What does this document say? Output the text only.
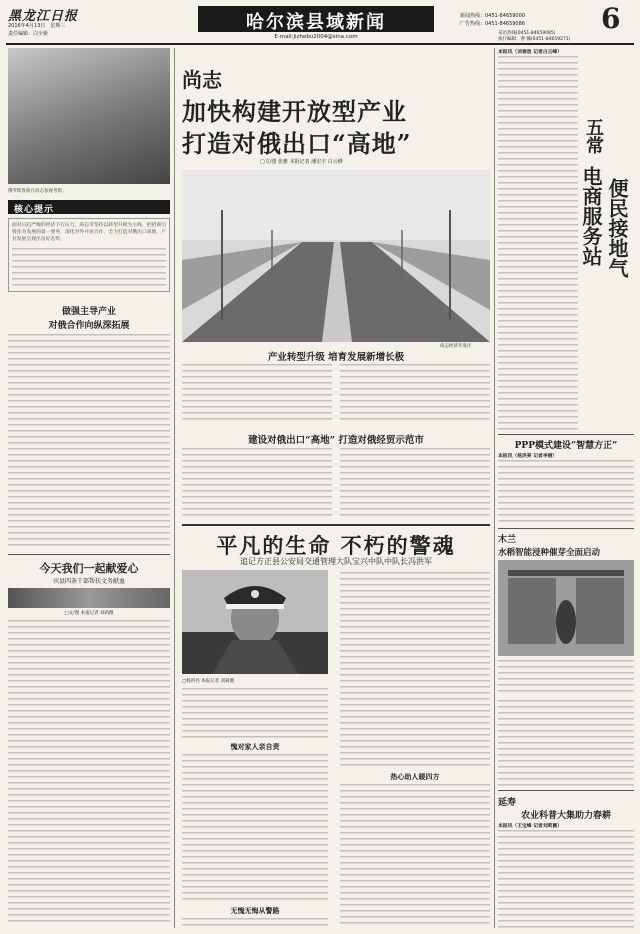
黑龙江日报
2016年4月13日　星期三
责任编辑：白全新
哈尔滨县域新闻
E-mail:jizhebu2004@sina.com
新闻热线：0451-84659000
广告热线：0451-84659086	6
俄罗斯客商在尚志参观考察。
核心提示
面对日趋严峻的经济下行压力，尚志市坚持以转型升级为主线，把招商引资作为发展的第一要务，深化对外开放合作，全力打造对俄出口高地，产业发展呈现出良好态势。
做强主导产业
对俄合作向纵深拓展
今天我们一起献爱心
宾县四条干部帮扶文务献血
□文/图 本报记者 刘莉薇
尚志
加快构建开放型产业
打造对俄出口“高地”
□文/图 张雅 本报记者 潘宏宇 白云峰
尚志经济开发区
产业转型升级 培育发展新增长极
建设对俄出口“高地” 打造对俄经贸示范市
平凡的生命 不朽的警魂
追记方正县公安局交通管理大队宝兴中队中队长冯洪军
□杨洪亮 本报记者 刘莉薇
愧对家人亲自责
无愧无悔从警路
热心助人暖四方
采访热线(0451-84659085)
执行编辑：曹 娜(0451-84659271)
本报讯（刘春波 记者白云峰）
五常
电商服务站 便民接地气
PPP模式建设“智慧方正”
本报讯（杨洪亮 记者李丽）
木兰
水稻智能浸种催芽全面启动
延寿
农业科普大集助力春耕
本报讯（王宝峰 记者刘莉薇）
